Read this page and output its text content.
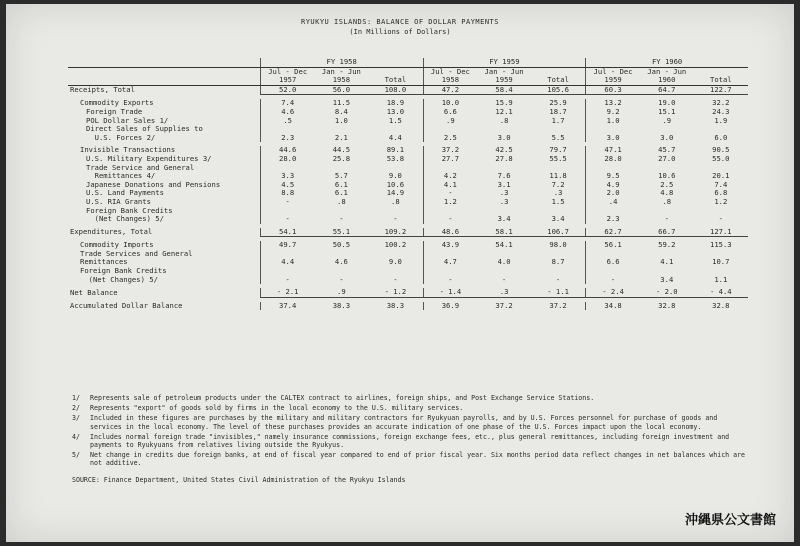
RYUKYU ISLANDS: BALANCE OF DOLLAR PAYMENTS
(In Millions of Dollars)
	FY 1958			FY 1959			FY 1960		
	Jul - Dec 1957	Jan - Jun 1958	Total	Jul - Dec 1958	Jan - Jun 1959	Total	Jul - Dec 1959	Jan - Jun 1960	Total
Receipts, Total	52.0	56.0	108.0	47.2	58.4	105.6	60.3	64.7	122.7

Commodity Exports	7.4	11.5	18.9	10.0	15.9	25.9	13.2	19.0	32.2
Foreign Trade	4.6	8.4	13.0	6.6	12.1	18.7	9.2	15.1	24.3
POL Dollar Sales 1/	.5	1.0	1.5	.9	.8	1.7	1.0	.9	1.9
Direct Sales of Supplies to
U.S. Forces 2/	2.3	2.1	4.4	2.5	3.0	5.5	3.0	3.0	6.0

Invisible Transactions	44.6	44.5	89.1	37.2	42.5	79.7	47.1	45.7	90.5
U.S. Military Expenditures 3/	28.0	25.8	53.8	27.7	27.8	55.5	28.0	27.0	55.0
Trade Service and General
Remittances 4/	3.3	5.7	9.0	4.2	7.6	11.8	9.5	10.6	20.1
Japanese Donations and Pensions	4.5	6.1	10.6	4.1	3.1	7.2	4.9	2.5	7.4
U.S. Land Payments	8.8	6.1	14.9	-	.3	.3	2.0	4.8	6.8
U.S. RIA Grants	-	.8	.8	1.2	.3	1.5	.4	.8	1.2
Foreign Bank Credits
(Net Changes) 5/	-	-	-	-	3.4	3.4	2.3	-	-

Expenditures, Total	54.1	55.1	109.2	48.6	58.1	106.7	62.7	66.7	127.1

Commodity Imports	49.7	50.5	100.2	43.9	54.1	98.0	56.1	59.2	115.3
Trade Services and General
Remittances	4.4	4.6	9.0	4.7	4.0	8.7	6.6	4.1	10.7
Foreign Bank Credits
(Net Changes) 5/	-	-	-	-	-	-	-	3.4	1.1

Net Balance	- 2.1	.9	- 1.2	- 1.4	.3	- 1.1	- 2.4	- 2.0	- 4.4

Accumulated Dollar Balance	37.4	38.3	38.3	36.9	37.2	37.2	34.8	32.8	32.8
1/	Represents sale of petroleum products under the CALTEX contract to airlines, foreign ships, and Post Exchange Service Stations.
2/	Represents "export" of goods sold by firms in the local economy to the U.S. military services.
3/	Included in these figures are purchases by the military and military contractors for Ryukyuan payrolls, and by U.S. Forces personnel for purchase of goods and services in the local economy. The level of these purchases provides an accurate indication of one phase of the U.S. Forces impact upon the local economy.
4/	Includes normal foreign trade "invisibles," namely insurance commissions, foreign exchange fees, etc., plus general remittances, including foreign investment and payments to Ryukyuans from relatives living outside the Ryukyus.
5/	Net change in credits due foreign banks, at end of fiscal year compared to end of prior fiscal year. Six months period data reflect changes in net balances which are not additive.
SOURCE: Finance Department, United States Civil Administration of the Ryukyu Islands
沖縄県公文書館
